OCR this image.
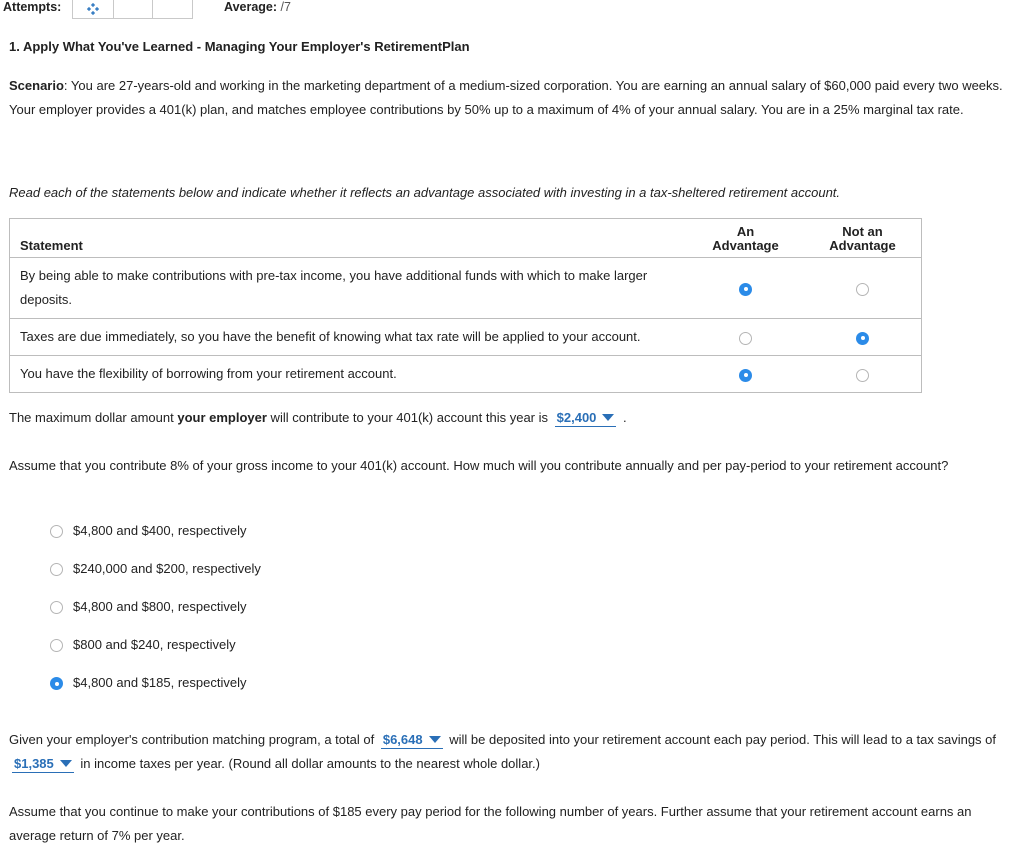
Attempts:	Average: /7
1. Apply What You've Learned - Managing Your Employer's RetirementPlan
Scenario: You are 27-years-old and working in the marketing department of a medium-sized corporation. You are earning an annual salary of $60,000 paid every two weeks. Your employer provides a 401(k) plan, and matches employee contributions by 50% up to a maximum of 4% of your annual salary. You are in a 25% marginal tax rate.
Read each of the statements below and indicate whether it reflects an advantage associated with investing in a tax-sheltered retirement account.
Statement	An Advantage	Not an Advantage
By being able to make contributions with pre-tax income, you have additional funds with which to make larger deposits.		
Taxes are due immediately, so you have the benefit of knowing what tax rate will be applied to your account.		
You have the flexibility of borrowing from your retirement account.		
The maximum dollar amount your employer will contribute to your 401(k) account this year is $2,400 .
Assume that you contribute 8% of your gross income to your 401(k) account. How much will you contribute annually and per pay-period to your retirement account?
$4,800 and $400, respectively
$240,000 and $200, respectively
$4,800 and $800, respectively
$800 and $240, respectively
$4,800 and $185, respectively
Given your employer's contribution matching program, a total of $6,648 will be deposited into your retirement account each pay period. This will lead to a tax savings of $1,385 in income taxes per year. (Round all dollar amounts to the nearest whole dollar.)
Assume that you continue to make your contributions of $185 every pay period for the following number of years. Further assume that your retirement account earns an average return of 7% per year.
